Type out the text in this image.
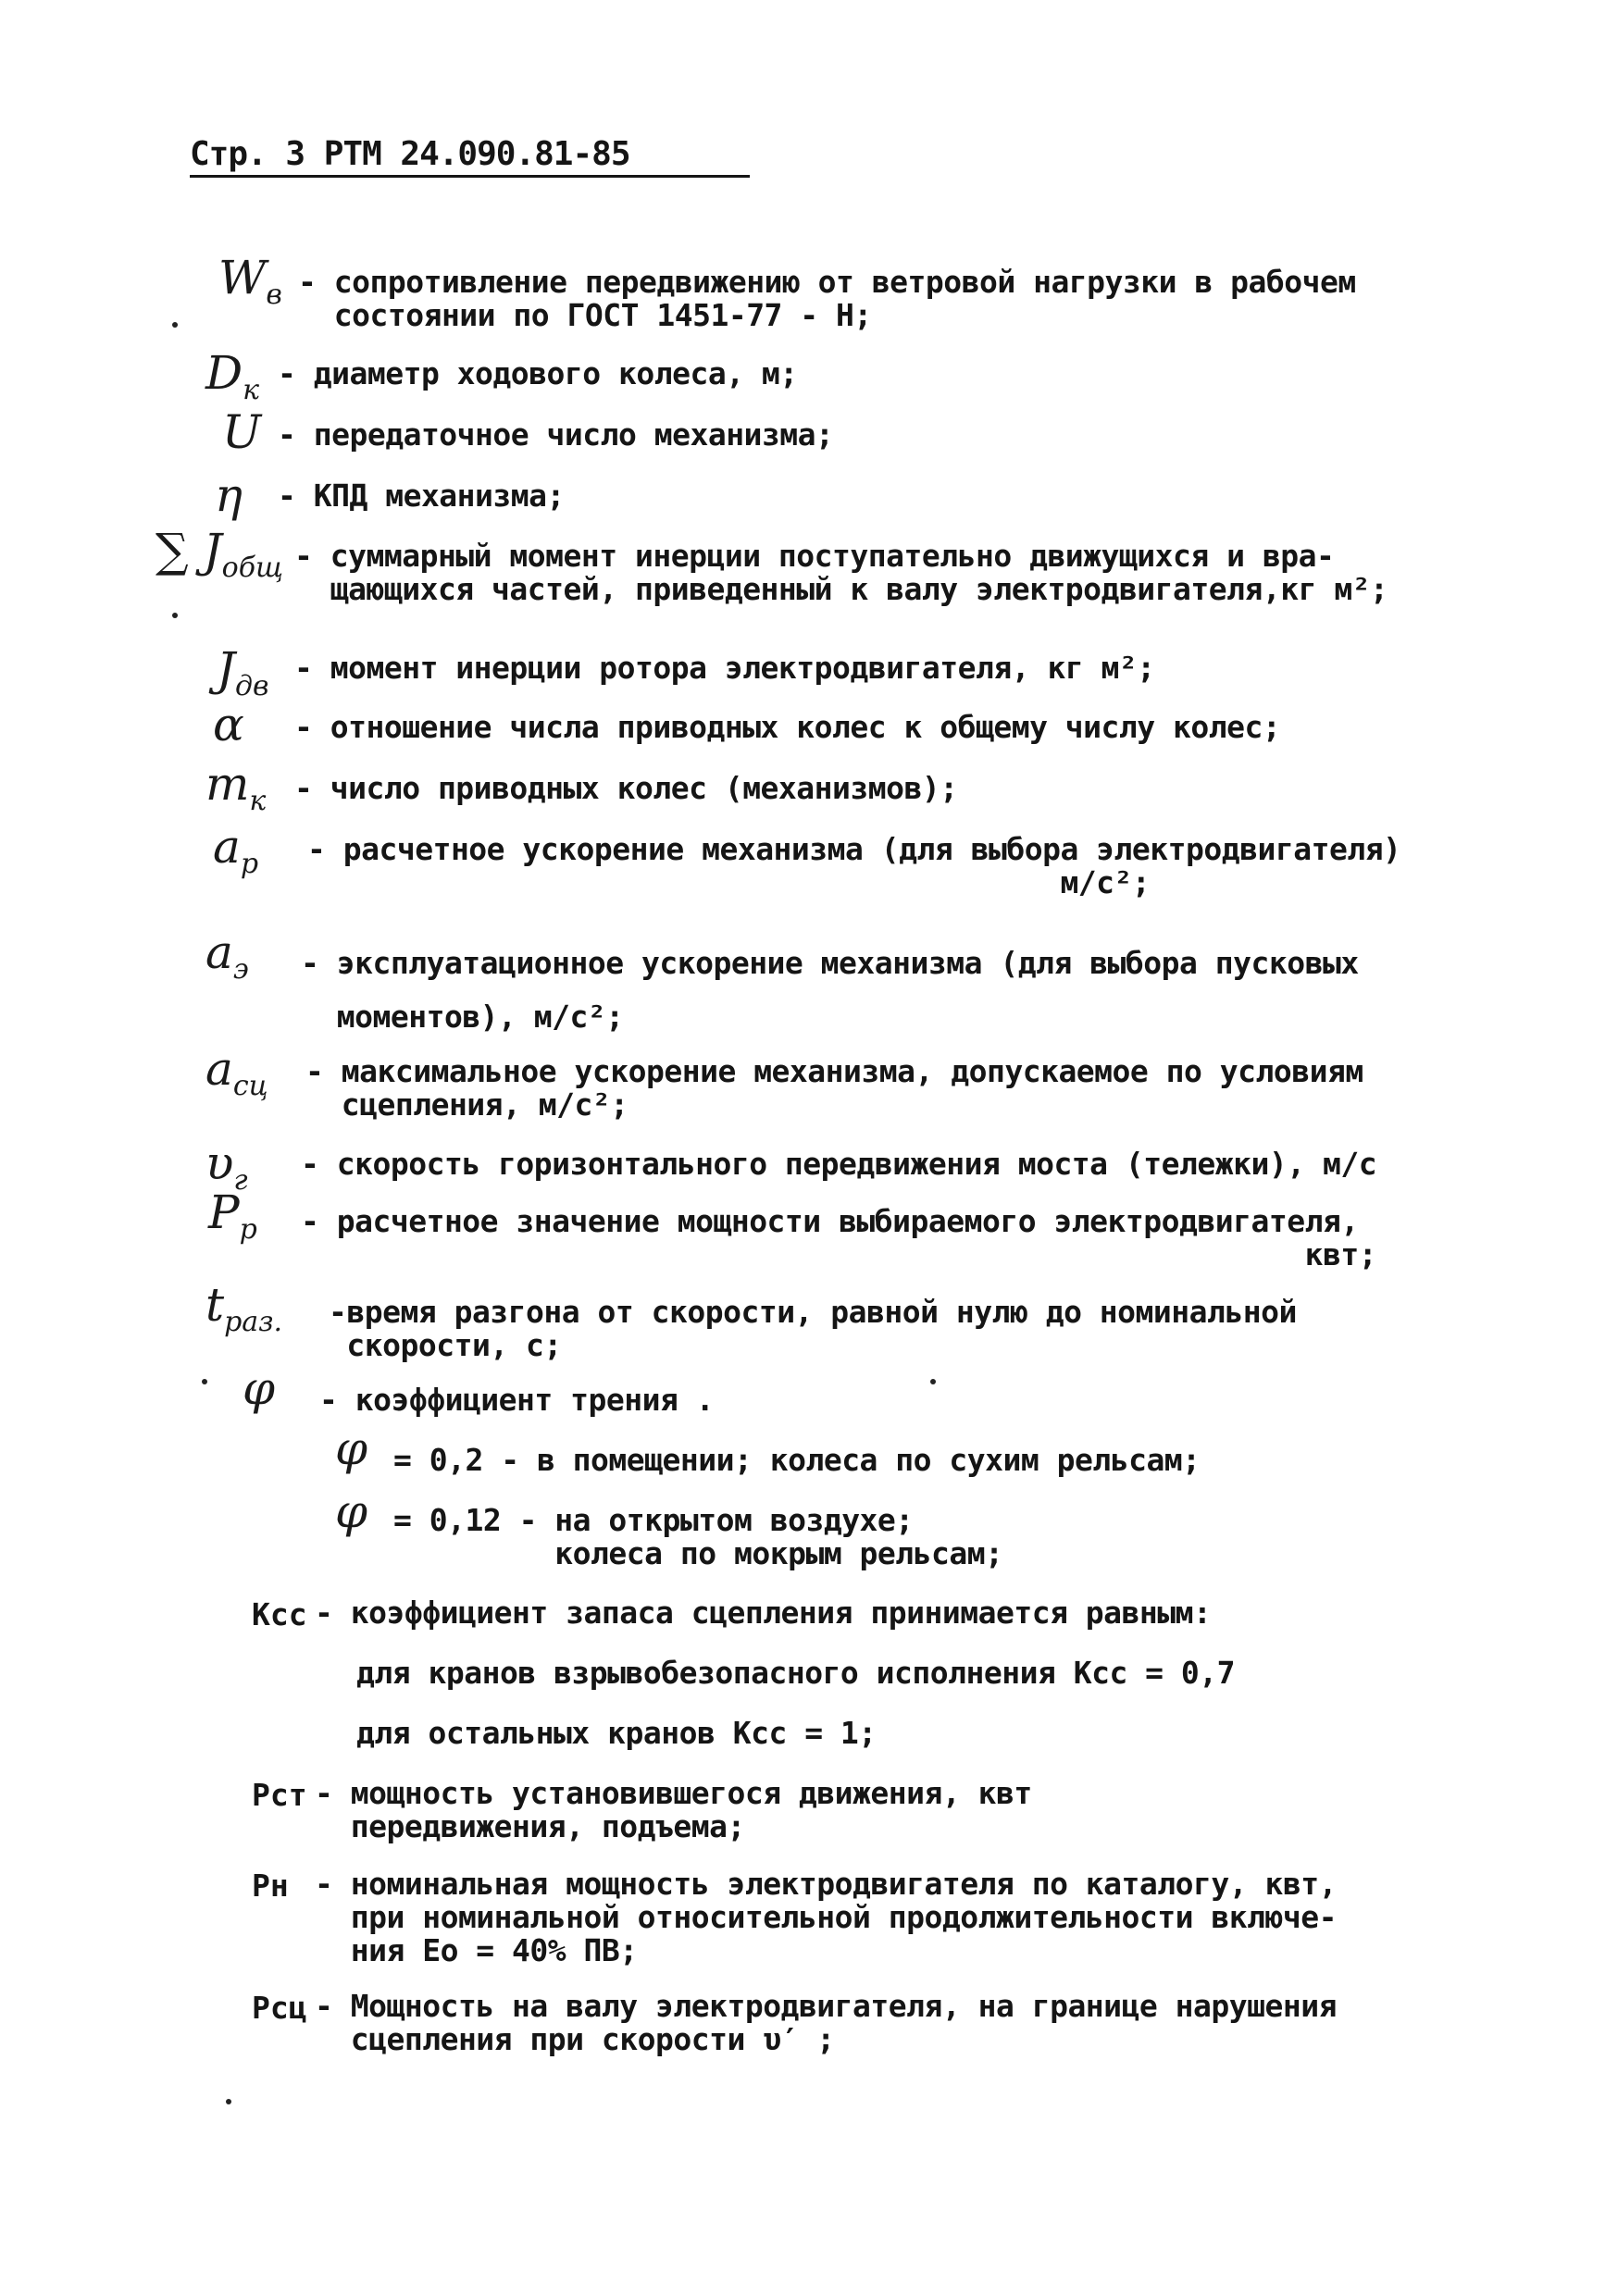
Стр. 3 РТМ 24.090.81-85
$W_в$ - сопротивление передвижению от ветровой нагрузки в рабочем
состоянии по ГОСТ 1451-77 - Н;
$D_к$ - диаметр ходового колеса, м;
U - передаточное число механизма;
η - КПД механизма;
∑ $J_{общ}$ - суммарный момент инерции поступательно движущихся и вра-
щающихся частей, приведенный к валу электродвигателя,кг м²;
$J_{дв}$
- момент инерции ротора электродвигателя, кг м²;
α - отношение числа приводных колес к общему числу колес;
$m_к$ - число приводных колес (механизмов);
$a_р$ - расчетное ускорение механизма (для выбора электродвигателя)
м/с²;
$a_э$ - эксплуатационное ускорение механизма (для выбора пусковых
моментов), м/с²;
$a_{сц}$ - максимальное ускорение механизма, допускаемое по условиям
сцепления, м/с²;
$\upsilon_г$ - скорость горизонтального передвижения моста (тележки), м/с
$P_р$ - расчетное значение мощности выбираемого электродвигателя,
квт;
$t_{раз.}$ -время разгона от скорости, равной нулю до номинальной
скорости, с;
φ - коэффициент трения .
φ = 0,2 - в помещении; колеса по сухим рельсам;
φ = 0,12 - на открытом воздухе;
колеса по мокрым рельсам;
Ксс - коэффициент запаса сцепления принимается равным:
для кранов взрывобезопасного исполнения Ксс = 0,7
для остальных кранов Ксс = 1;
Рст - мощность установившегося движения, квт
передвижения, подъема;
Рн - номинальная мощность электродвигателя по каталогу, квт,
при номинальной относительной продолжительности включе-
ния Ео = 40% ПВ;
Рсц - Мощность на валу электродвигателя, на границе нарушения
сцепления при скорости υ′ ;
